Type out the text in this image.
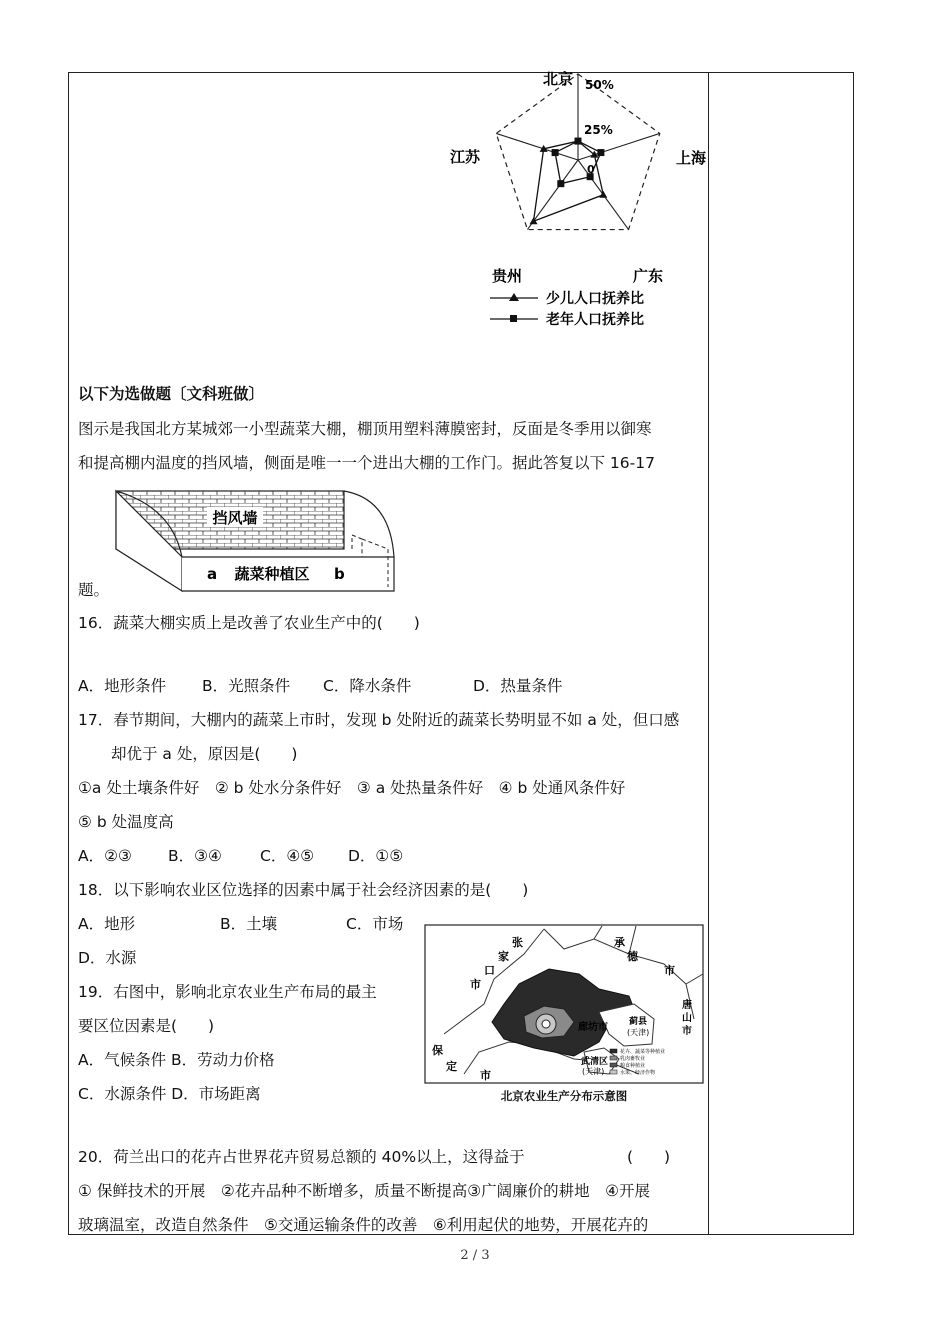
北京 50%
25%
0
上海
江苏
广东
贵州
少儿人口抚养比
老年人口抚养比
以下为选做题〔文科班做〕
图示是我国北方某城郊一小型蔬菜大棚，棚顶用塑料薄膜密封，反面是冬季用以御寒
和提高棚内温度的挡风墙，侧面是唯一一个进出大棚的工作门。据此答复以下 16-17
挡风墙
a 蔬菜种植区 b
题。
16．蔬菜大棚实质上是改善了农业生产中的(　　)
A．地形条件 B．光照条件 C．降水条件	D．热量条件
17．春节期间，大棚内的蔬菜上市时，发现 b 处附近的蔬菜长势明显不如 a 处，但口感
却优于 a 处，原因是(　　)
①a 处土壤条件好　② b 处水分条件好　③ a 处热量条件好　④ b 处通风条件好
⑤ b 处温度高
A．②③ B．③④ C．④⑤ D．①⑤
18．以下影响农业区位选择的因素中属于社会经济因素的是(　　)
A．地形	B．土壤	C．市场
D．水源
19．右图中，影响北京农业生产布局的最主
要区位因素是(　　)
A．气候条件 B．劳动力价格
C．水源条件 D．市场距离
张
家
口
市
承
德
市
唐
山
市
廊坊市 蓟县
(天津)
武清区
(天津)
保
定
市
花卉、蔬菜等种植业
乳肉畜牧业
粮食种植业
水果、经济作物
北京农业生产分布示意图
20．荷兰出口的花卉占世界花卉贸易总额的 40%以上，这得益于	(　　)
① 保鲜技术的开展　②花卉品种不断增多，质量不断提高③广阔廉价的耕地　④开展
玻璃温室，改造自然条件　⑤交通运输条件的改善　⑥利用起伏的地势，开展花卉的
2 / 3
